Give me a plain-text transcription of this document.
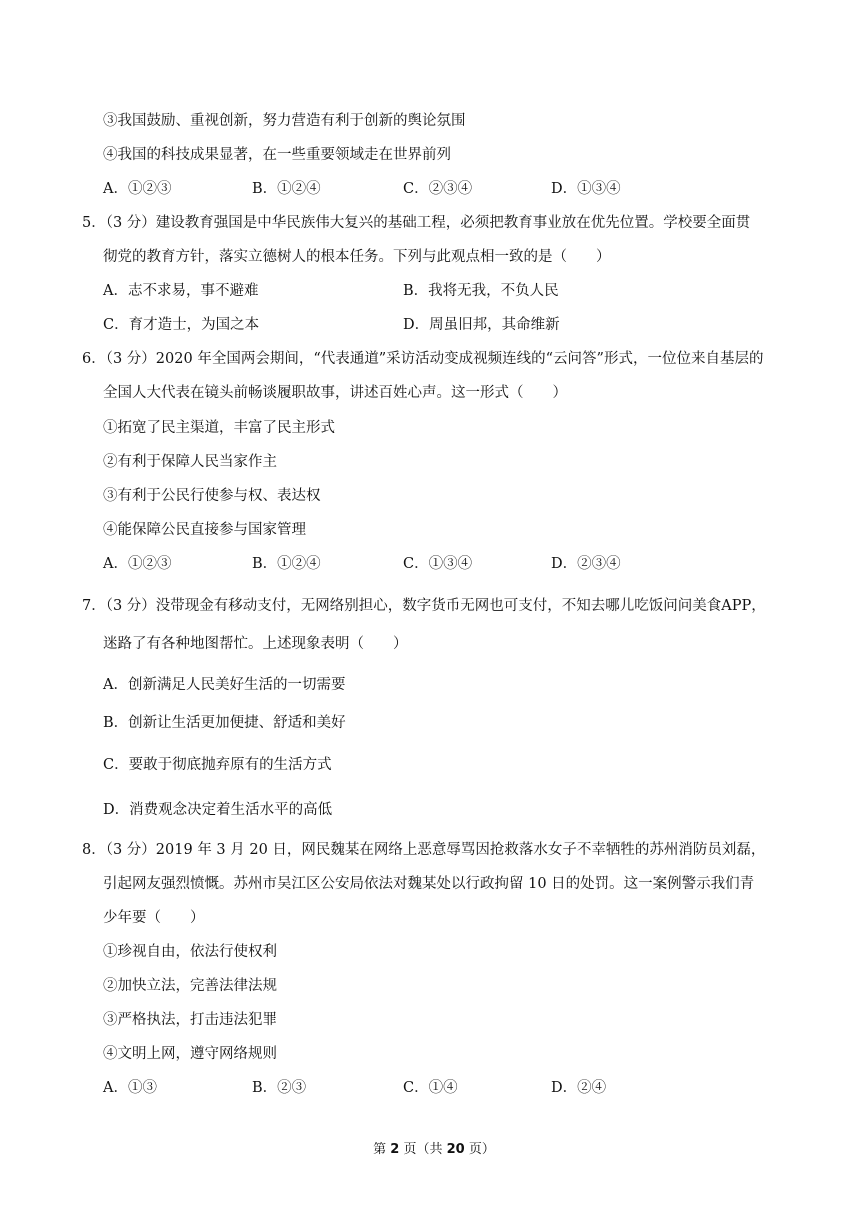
③我国鼓励、重视创新，努力营造有利于创新的舆论氛围
④我国的科技成果显著，在一些重要领域走在世界前列
A．①②③	B．①②④	C．②③④	D．①③④
5．（3 分）建设教育强国是中华民族伟大复兴的基础工程，必须把教育事业放在优先位置。学校要全面贯
彻党的教育方针，落实立德树人的根本任务。下列与此观点相一致的是（　　）
A．志不求易，事不避难	B．我将无我，不负人民
C．育才造士，为国之本	D．周虽旧邦，其命维新
6．（3 分）2020 年全国两会期间，“代表通道”采访活动变成视频连线的“云问答”形式，一位位来自基层的
全国人大代表在镜头前畅谈履职故事，讲述百姓心声。这一形式（　　）
①拓宽了民主渠道，丰富了民主形式
②有利于保障人民当家作主
③有利于公民行使参与权、表达权
④能保障公民直接参与国家管理
A．①②③	B．①②④	C．①③④	D．②③④
7．（3 分）没带现金有移动支付，无网络别担心，数字货币无网也可支付，不知去哪儿吃饭问问美食APP，
迷路了有各种地图帮忙。上述现象表明（　　）
A．创新满足人民美好生活的一切需要
B．创新让生活更加便捷、舒适和美好
C．要敢于彻底抛弃原有的生活方式
D．消费观念决定着生活水平的高低
8．（3 分）2019 年 3 月 20 日，网民魏某在网络上恶意辱骂因抢救落水女子不幸牺牲的苏州消防员刘磊，
引起网友强烈愤慨。苏州市吴江区公安局依法对魏某处以行政拘留 10 日的处罚。这一案例警示我们青
少年要（　　）
①珍视自由，依法行使权利
②加快立法，完善法律法规
③严格执法，打击违法犯罪
④文明上网，遵守网络规则
A．①③	B．②③	C．①④	D．②④
第 2 页（共 20 页）
